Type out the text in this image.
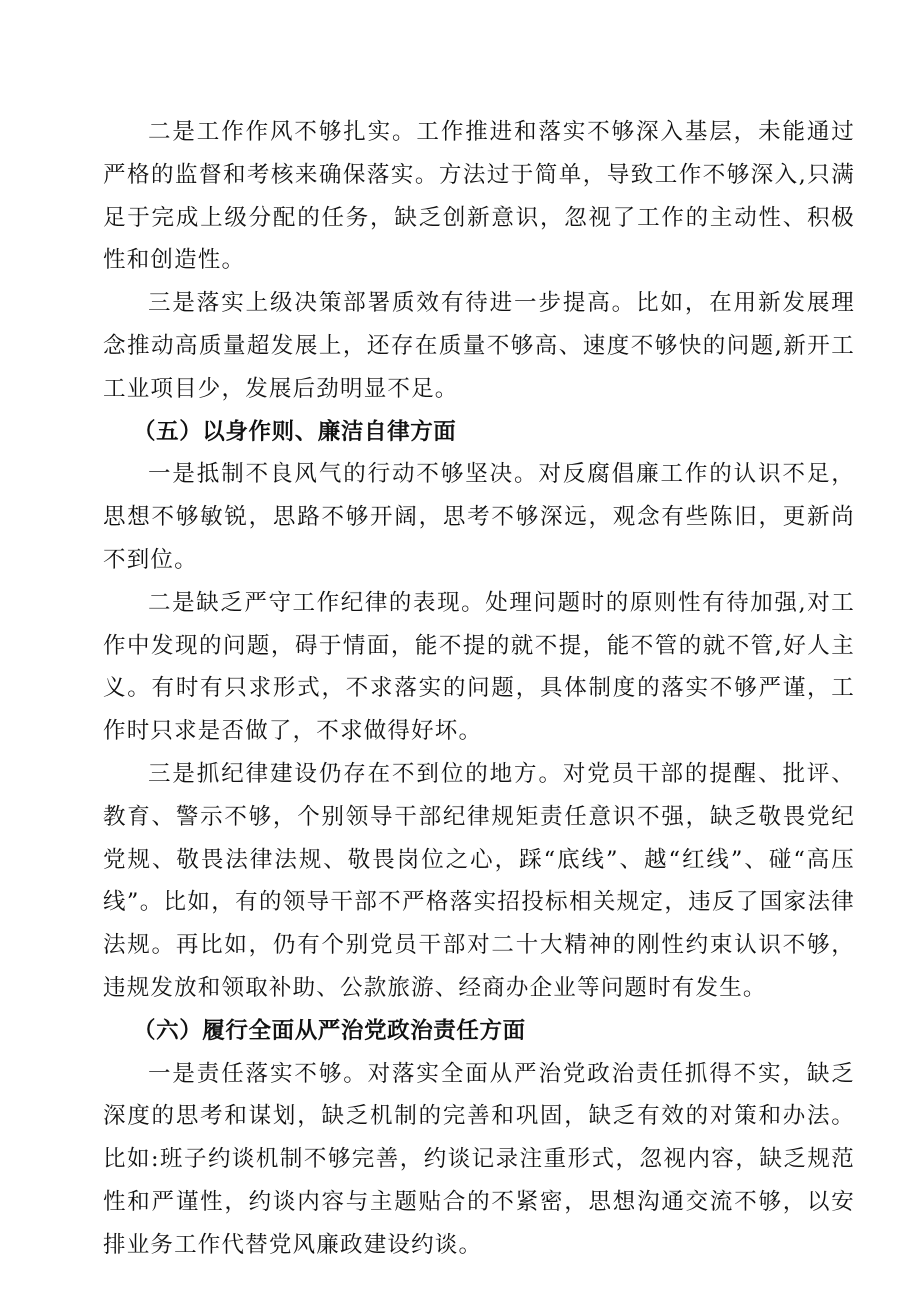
二是工作作风不够扎实。工作推进和落实不够深入基层，未能通过严格的监督和考核来确保落实。方法过于简单，导致工作不够深入,只满足于完成上级分配的任务，缺乏创新意识，忽视了工作的主动性、积极性和创造性。

三是落实上级决策部署质效有待进一步提高。比如，在用新发展理念推动高质量超发展上，还存在质量不够高、速度不够快的问题,新开工工业项目少，发展后劲明显不足。

（五）以身作则、廉洁自律方面

一是抵制不良风气的行动不够坚决。对反腐倡廉工作的认识不足，思想不够敏锐，思路不够开阔，思考不够深远，观念有些陈旧，更新尚不到位。

二是缺乏严守工作纪律的表现。处理问题时的原则性有待加强,对工作中发现的问题，碍于情面，能不提的就不提，能不管的就不管,好人主义。有时有只求形式，不求落实的问题，具体制度的落实不够严谨，工作时只求是否做了，不求做得好坏。

三是抓纪律建设仍存在不到位的地方。对党员干部的提醒、批评、教育、警示不够，个别领导干部纪律规矩责任意识不强，缺乏敬畏党纪党规、敬畏法律法规、敬畏岗位之心，踩“底线”、越“红线”、碰“高压线”。比如，有的领导干部不严格落实招投标相关规定，违反了国家法律法规。再比如，仍有个别党员干部对二十大精神的刚性约束认识不够，违规发放和领取补助、公款旅游、经商办企业等问题时有发生。

（六）履行全面从严治党政治责任方面

一是责任落实不够。对落实全面从严治党政治责任抓得不实，缺乏深度的思考和谋划，缺乏机制的完善和巩固，缺乏有效的对策和办法。比如:班子约谈机制不够完善，约谈记录注重形式，忽视内容，缺乏规范性和严谨性，约谈内容与主题贴合的不紧密，思想沟通交流不够，以安排业务工作代替党风廉政建设约谈。
